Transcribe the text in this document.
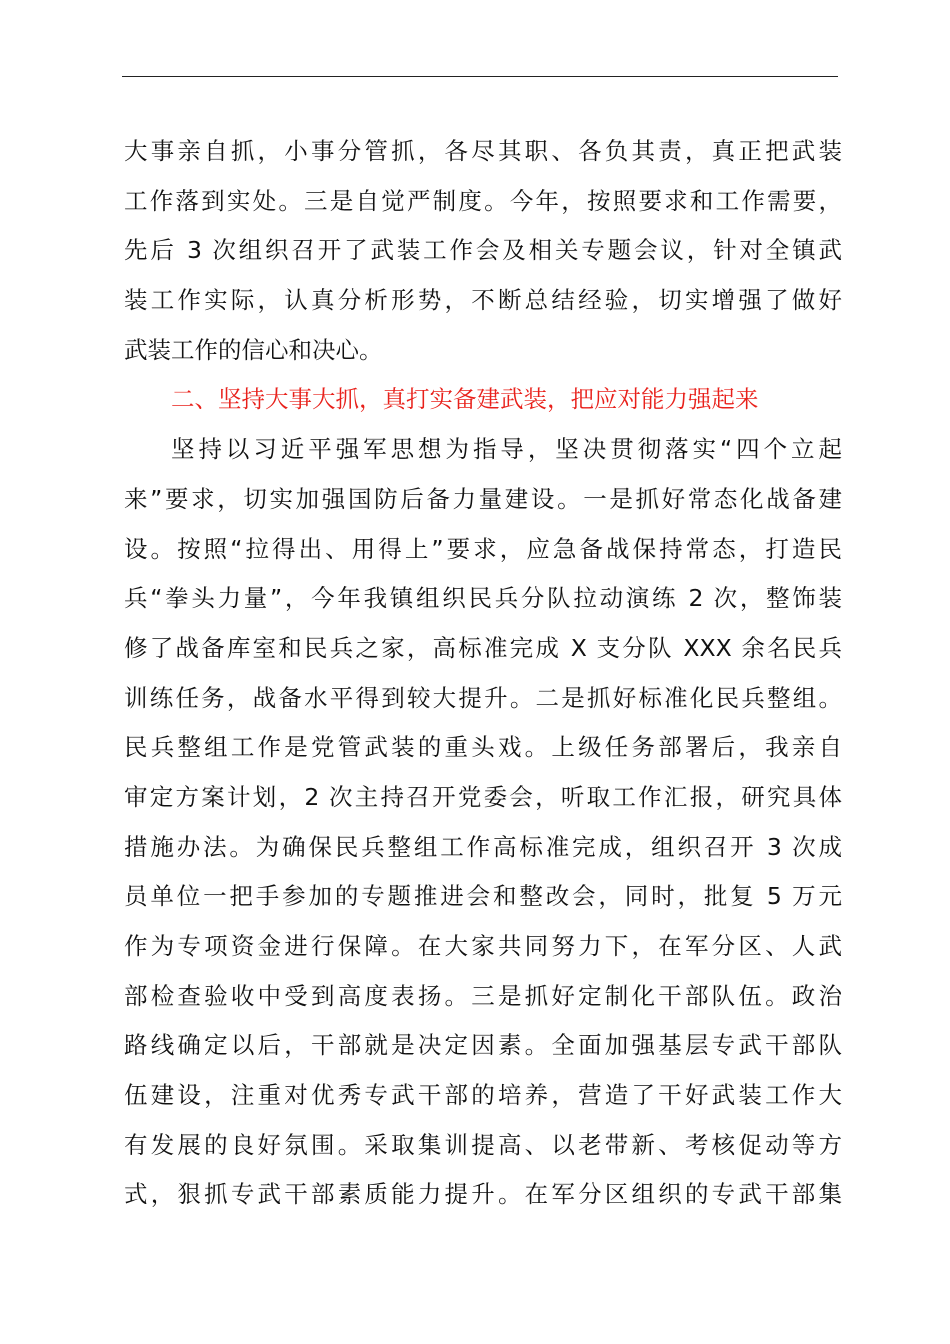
大事亲自抓，小事分管抓，各尽其职、各负其责，真正把武装
工作落到实处。三是自觉严制度。今年，按照要求和工作需要，
先后 3 次组织召开了武装工作会及相关专题会议，针对全镇武
装工作实际，认真分析形势，不断总结经验，切实增强了做好
武装工作的信心和决心。
二、坚持大事大抓，真打实备建武装，把应对能力强起来
坚持以习近平强军思想为指导，坚决贯彻落实“四个立起
来”要求，切实加强国防后备力量建设。一是抓好常态化战备建
设。按照“拉得出、用得上”要求，应急备战保持常态，打造民
兵“拳头力量”，今年我镇组织民兵分队拉动演练 2 次，整饰装
修了战备库室和民兵之家，高标准完成 X 支分队 XXX 余名民兵
训练任务，战备水平得到较大提升。二是抓好标准化民兵整组。
民兵整组工作是党管武装的重头戏。上级任务部署后，我亲自
审定方案计划，2 次主持召开党委会，听取工作汇报，研究具体
措施办法。为确保民兵整组工作高标准完成，组织召开 3 次成
员单位一把手参加的专题推进会和整改会，同时，批复 5 万元
作为专项资金进行保障。在大家共同努力下，在军分区、人武
部检查验收中受到高度表扬。三是抓好定制化干部队伍。政治
路线确定以后，干部就是决定因素。全面加强基层专武干部队
伍建设，注重对优秀专武干部的培养，营造了干好武装工作大
有发展的良好氛围。采取集训提高、以老带新、考核促动等方
式，狠抓专武干部素质能力提升。在军分区组织的专武干部集
